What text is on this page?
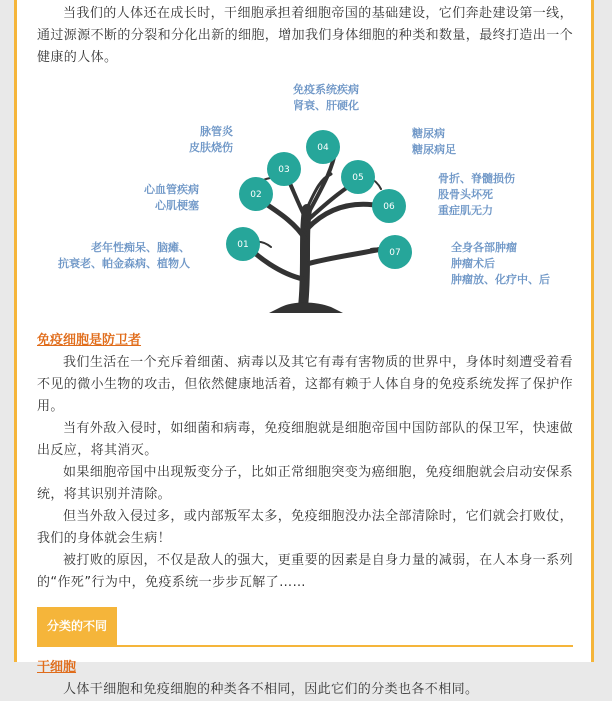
当我们的人体还在成长时，干细胞承担着细胞帝国的基础建设，它们奔赴建设第一线，通过源源不断的分裂和分化出新的细胞，增加我们身体细胞的种类和数量，最终打造出一个健康的人体。

01
02
03
04
05
06
07
老年性痴呆、脑瘫、
抗衰老、帕金森病、植物人
心血管疾病
心肌梗塞
脉管炎
皮肤烧伤
免疫系统疾病
肾衰、肝硬化
糖尿病
糖尿病足
骨折、脊髓损伤
股骨头坏死
重症肌无力
全身各部肿瘤
肿瘤术后
肿瘤放、化疗中、后
免疫细胞是防卫者

我们生活在一个充斥着细菌、病毒以及其它有毒有害物质的世界中，身体时刻遭受着看不见的微小生物的攻击，但依然健康地活着，这都有赖于人体自身的免疫系统发挥了保护作用。

当有外敌入侵时，如细菌和病毒，免疫细胞就是细胞帝国中国防部队的保卫军，快速做出反应，将其消灭。

如果细胞帝国中出现叛变分子，比如正常细胞突变为癌细胞，免疫细胞就会启动安保系统，将其识别并清除。

但当外敌入侵过多，或内部叛军太多，免疫细胞没办法全部清除时，它们就会打败仗，我们的身体就会生病！

被打败的原因，不仅是敌人的强大，更重要的因素是自身力量的减弱，在人本身一系列的“作死”行为中，免疫系统一步步瓦解了……

分类的不同
干细胞

人体干细胞和免疫细胞的种类各不相同，因此它们的分类也各不相同。
